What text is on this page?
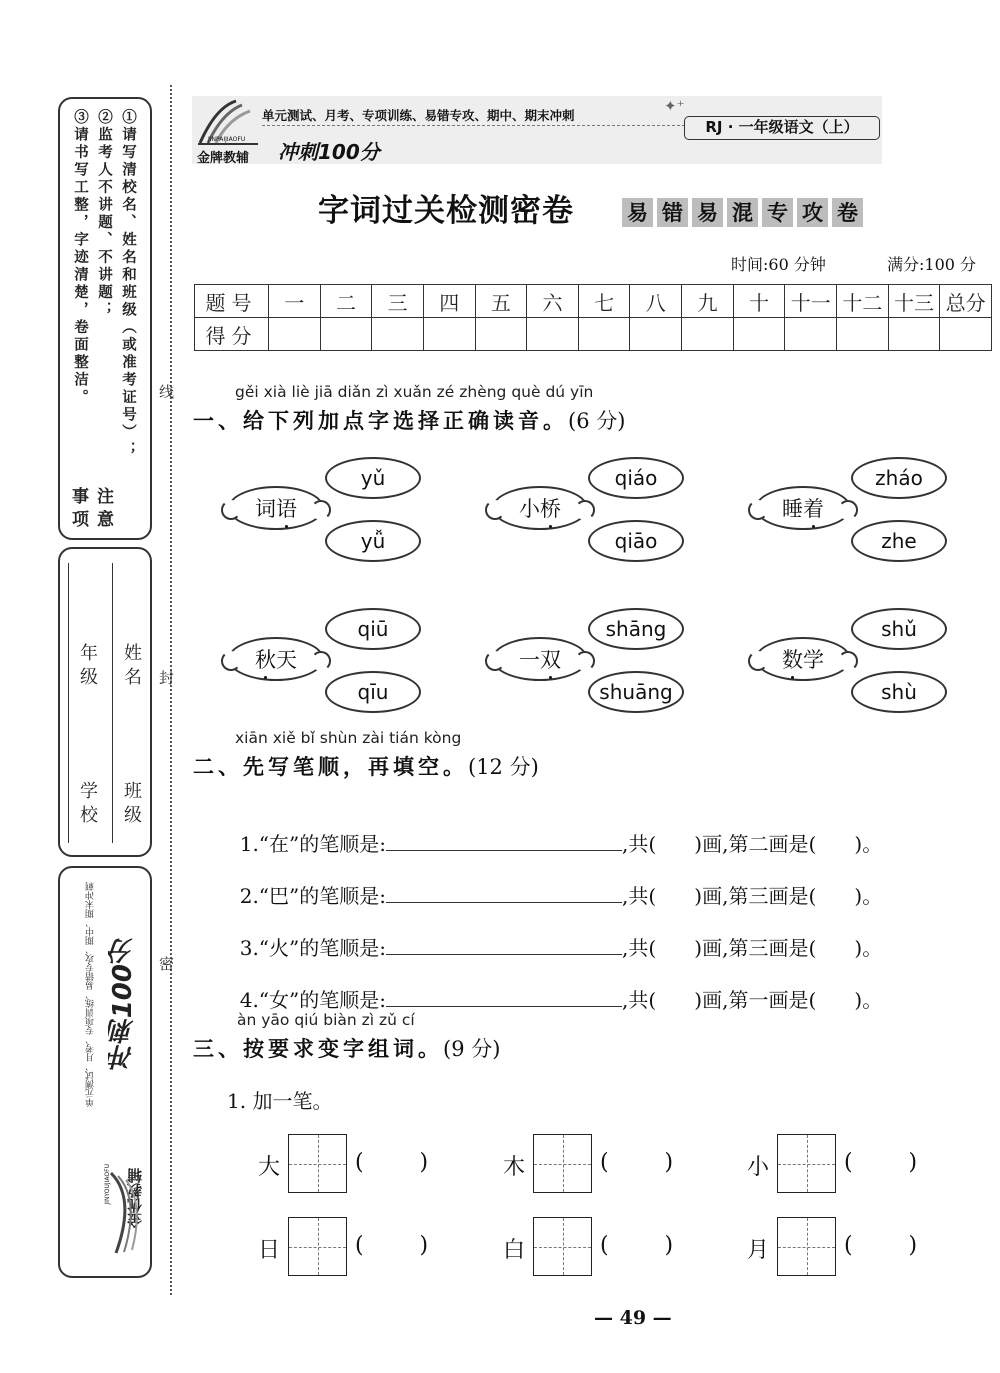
注意事项
①请写清校名、姓名和班级（或准考证号）；
②监考人不讲题、不讲题；
③请书写工整，字迹清楚，卷面整洁。
学校
年级
班级
姓名
单元测试、月考、专项训练、易错专攻、期中、期末冲刺 冲刺100分
金优教辅
JINYOUJIAOFU
线
封
密
JINPAIJIAOFU
金牌教辅 冲刺100分
单元测试、月考、专项训练、易错专攻、期中、期末冲刺
✦⁺
RJ · 一年级语文（上）
字词过关检测密卷	易 错 易 混 专 攻 卷
时间:60 分钟	满分:100 分
题号	一	二	三	四	五	六	七	八	九	十	十一	十二	十三	总分
得分														
gěi xià liè jiā diǎn zì xuǎn zé zhèng què dú yīn
一、给下列加点字选择正确读音。(6 分)
词 语
yǔ
yǚ
小 桥
qiáo
qiāo
睡 着
zháo
zhe
秋 天
qiū
qīu
一 双
shāng
shuāng
数 学
shǔ
shù
xiān xiě bǐ shùn zài tián kòng
二、先写笔顺，再填空。(12 分)

1.“在”的笔顺是:	,共(      )画,第二画是(      )。

2.“巴”的笔顺是:	,共(      )画,第三画是(      )。

3.“火”的笔顺是:	,共(      )画,第三画是(      )。

4.“女”的笔顺是:	,共(      )画,第一画是(      )。

àn yāo qiú biàn zì zǔ cí
三、按要求变字组词。(9 分)
1. 加一笔。
大	(        )	木	(        )	小	(        )
日	(        )	白	(        )	月	(        )
— 49 —
